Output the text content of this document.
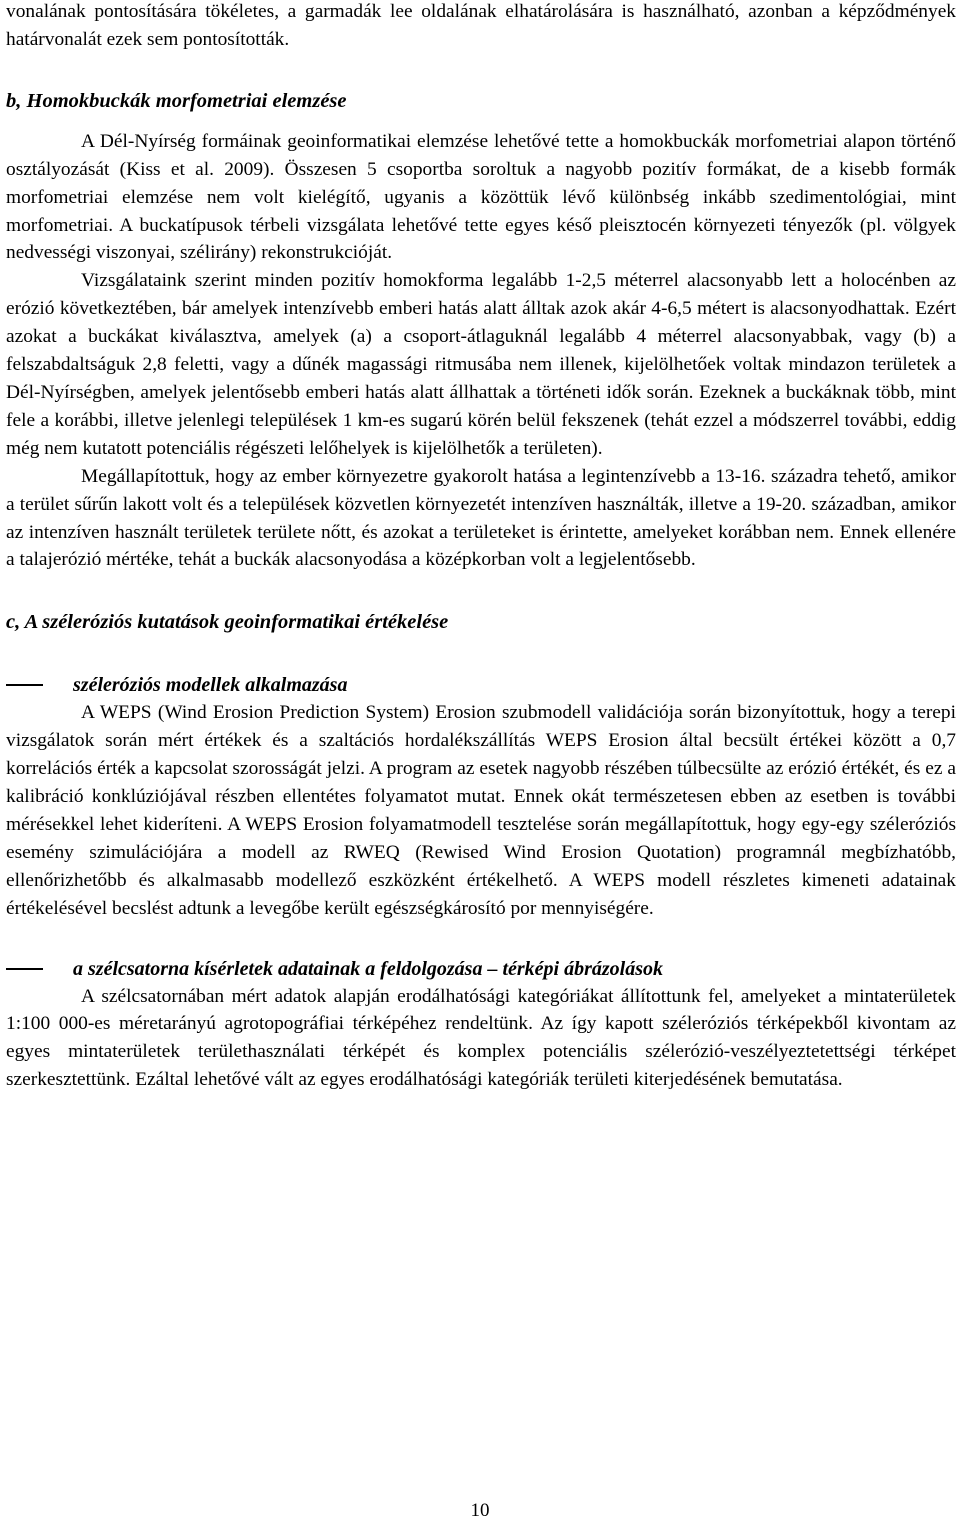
vonalának pontosítására tökéletes, a garmadák lee oldalának elhatárolására is használható, azonban a képződmények határvonalát ezek sem pontosították.

b, Homokbuckák morfometriai elemzése

A Dél-Nyírség formáinak geoinformatikai elemzése lehetővé tette a homokbuckák morfometriai alapon történő osztályozását (Kiss et al. 2009). Összesen 5 csoportba soroltuk a nagyobb pozitív formákat, de a kisebb formák morfometriai elemzése nem volt kielégítő, ugyanis a közöttük lévő különbség inkább szedimentológiai, mint morfometriai. A buckatípusok térbeli vizsgálata lehetővé tette egyes késő pleisztocén környezeti tényezők (pl. völgyek nedvességi viszonyai, szélirány) rekonstrukcióját.

Vizsgálataink szerint minden pozitív homokforma legalább 1-2,5 méterrel alacsonyabb lett a holocénben az erózió következtében, bár amelyek intenzívebb emberi hatás alatt álltak azok akár 4-6,5 métert is alacsonyodhattak. Ezért azokat a buckákat kiválasztva, amelyek (a) a csoport-átlaguknál legalább 4 méterrel alacsonyabbak, vagy (b) a felszabdaltságuk 2,8 feletti, vagy a dűnék magassági ritmusába nem illenek, kijelölhetőek voltak mindazon területek a Dél-Nyírségben, amelyek jelentősebb emberi hatás alatt állhattak a történeti idők során. Ezeknek a buckáknak több, mint fele a korábbi, illetve jelenlegi települések 1 km-es sugarú körén belül fekszenek (tehát ezzel a módszerrel további, eddig még nem kutatott potenciális régészeti lelőhelyek is kijelölhetők a területen).

Megállapítottuk, hogy az ember környezetre gyakorolt hatása a legintenzívebb a 13-16. századra tehető, amikor a terület sűrűn lakott volt és a települések közvetlen környezetét intenzíven használták, illetve a 19-20. században, amikor az intenzíven használt területek területe nőtt, és azokat a területeket is érintette, amelyeket korábban nem. Ennek ellenére a talajerózió mértéke, tehát a buckák alacsonyodása a középkorban volt a legjelentősebb.

c, A széleróziós kutatások geoinformatikai értékelése
széleróziós modellek alkalmazása

A WEPS (Wind Erosion Prediction System) Erosion szubmodell validációja során bizonyítottuk, hogy a terepi vizsgálatok során mért értékek és a szaltációs hordalékszállítás WEPS Erosion által becsült értékei között a 0,7 korrelációs érték a kapcsolat szorosságát jelzi. A program az esetek nagyobb részében túlbecsülte az erózió értékét, és ez a kalibráció konklúziójával részben ellentétes folyamatot mutat. Ennek okát természetesen ebben az esetben is további mérésekkel lehet kideríteni. A WEPS Erosion folyamatmodell tesztelése során megállapítottuk, hogy egy-egy széleróziós esemény szimulációjára a modell az RWEQ (Rewised Wind Erosion Quotation) programnál megbízhatóbb, ellenőrizhetőbb és alkalmasabb modellező eszközként értékelhető. A WEPS modell részletes kimeneti adatainak értékelésével becslést adtunk a levegőbe került egészségkárosító por mennyiségére.

a szélcsatorna kísérletek adatainak a feldolgozása – térképi ábrázolások

A szélcsatornában mért adatok alapján erodálhatósági kategóriákat állítottunk fel, amelyeket a mintaterületek 1:100 000-es méretarányú agrotopográfiai térképéhez rendeltünk. Az így kapott széleróziós térképekből kivontam az egyes mintaterületek területhasználati térképét és komplex potenciális szélerózió-veszélyeztetettségi térképet szerkesztettünk. Ezáltal lehetővé vált az egyes erodálhatósági kategóriák területi kiterjedésének bemutatása.

10
